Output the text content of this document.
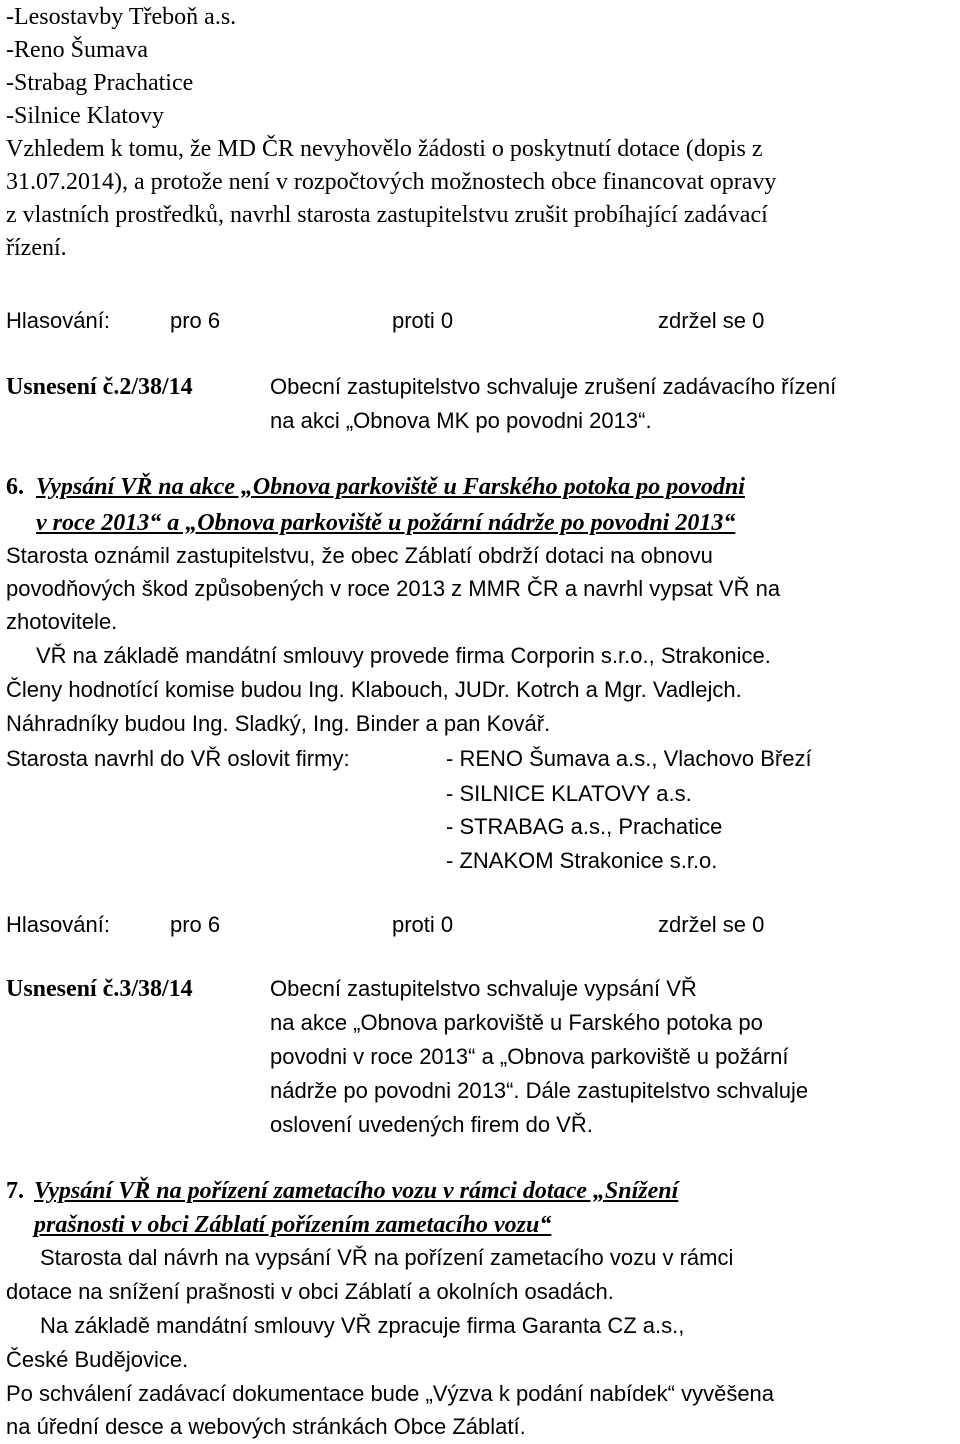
-Lesostavby Třeboň a.s.
-Reno Šumava
-Strabag Prachatice
-Silnice Klatovy
Vzhledem k tomu, že MD ČR nevyhovělo žádosti o poskytnutí dotace (dopis z
31.07.2014), a protože není v rozpočtových možnostech obce financovat opravy
z vlastních prostředků, navrhl starosta zastupitelstvu zrušit probíhající zadávací
řízení.
Hlasování:	pro 6	proti 0	zdržel se 0
Usnesení č.2/38/14	Obecní zastupitelstvo schvaluje zrušení zadávacího řízení
na akci „Obnova MK po povodni 2013“.
6. Vypsání VŘ na akce „Obnova parkoviště u Farského potoka po povodni
v roce 2013“ a „Obnova parkoviště u požární nádrže po povodni 2013“
Starosta oznámil zastupitelstvu, že obec Záblatí obdrží dotaci na obnovu
povodňových škod způsobených v roce 2013 z MMR ČR a navrhl vypsat VŘ na
zhotovitele.
VŘ na základě mandátní smlouvy provede firma Corporin s.r.o., Strakonice.
Členy hodnotící komise budou Ing. Klabouch, JUDr. Kotrch a Mgr. Vadlejch.
Náhradníky budou Ing. Sladký, Ing. Binder a pan Kovář.
Starosta navrhl do VŘ oslovit firmy:	- RENO Šumava a.s., Vlachovo Březí
- SILNICE KLATOVY a.s.
- STRABAG a.s., Prachatice
- ZNAKOM Strakonice s.r.o.
Hlasování:	pro 6	proti 0	zdržel se 0
Usnesení č.3/38/14	Obecní zastupitelstvo schvaluje vypsání VŘ
na akce „Obnova parkoviště u Farského potoka po
povodni v roce 2013“ a „Obnova parkoviště u požární
nádrže po povodni 2013“. Dále zastupitelstvo schvaluje
oslovení uvedených firem do VŘ.
7. Vypsání VŘ na pořízení zametacího vozu v rámci dotace „Snížení
prašnosti v obci Záblatí pořízením zametacího vozu“
Starosta dal návrh na vypsání VŘ na pořízení zametacího vozu v rámci
dotace na snížení prašnosti v obci Záblatí a okolních osadách.
Na základě mandátní smlouvy VŘ zpracuje firma Garanta CZ a.s.,
České Budějovice.
Po schválení zadávací dokumentace bude „Výzva k podání nabídek“ vyvěšena
na úřední desce a webových stránkách Obce Záblatí.
